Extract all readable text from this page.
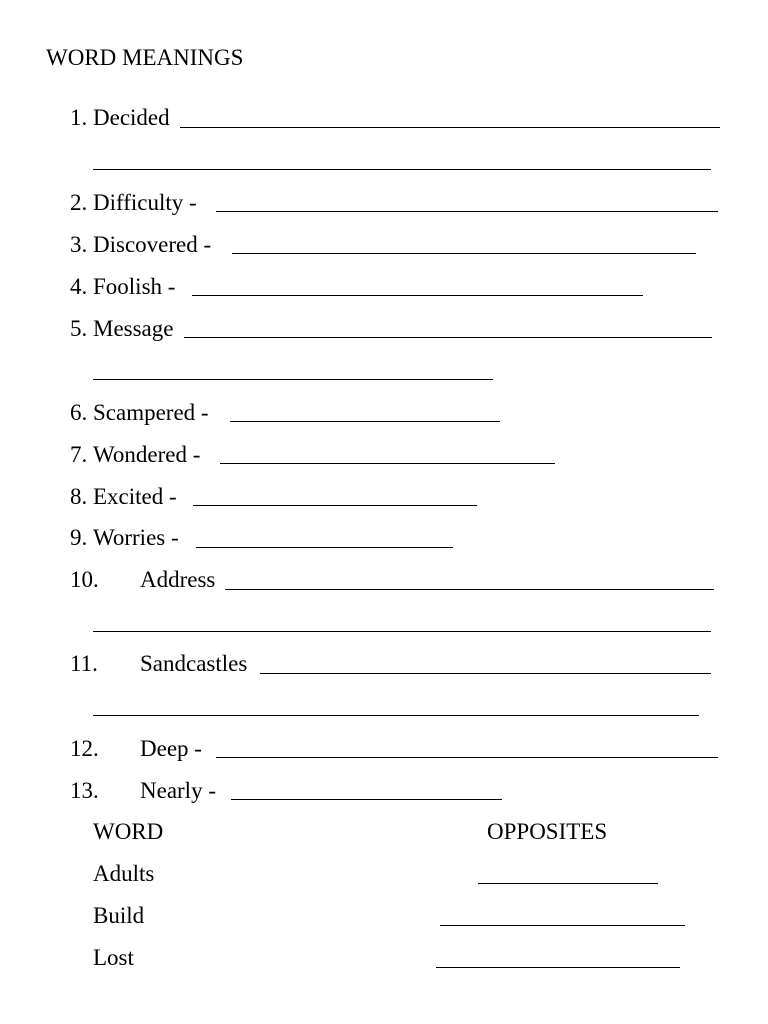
WORD MEANINGS
1. Decided
2. Difficulty -
3. Discovered -
4. Foolish -
5. Message
6. Scampered -
7. Wondered -
8. Excited -
9. Worries -
10. Address
11. Sandcastles
12. Deep -
13. Nearly -
WORD	OPPOSITES
Adults
Build
Lost
